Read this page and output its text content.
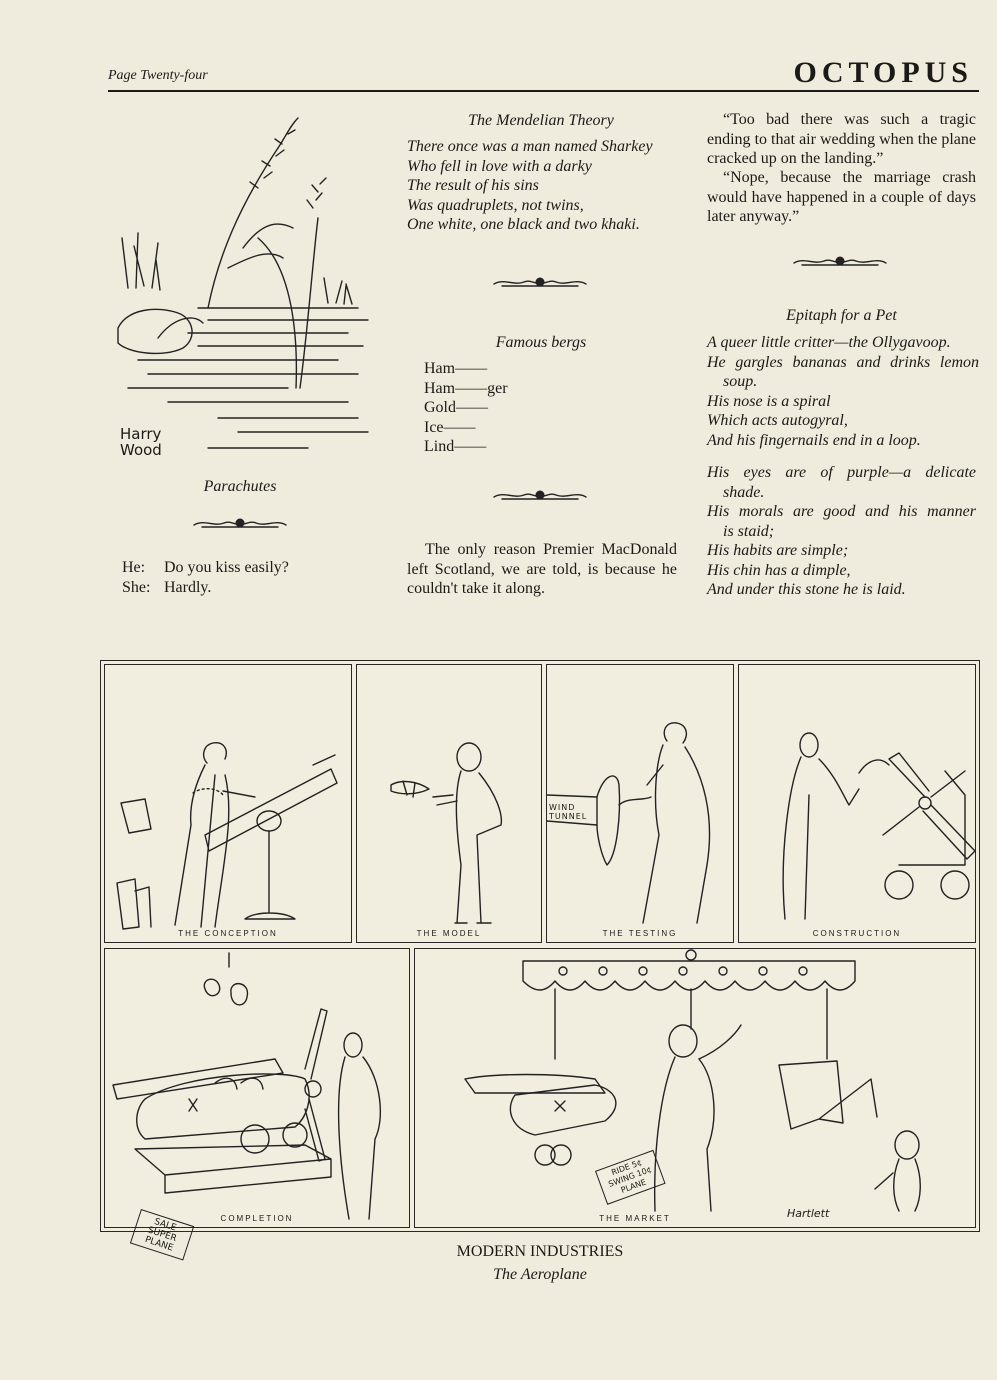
Page Twenty-four	OCTOPUS
Harry Wood
Parachutes
He: Do you kiss easily?
She: Hardly.
The Mendelian Theory
There once was a man named Sharkey
Who fell in love with a darky
The result of his sins
Was quadruplets, not twins,
One white, one black and two khaki.
Famous bergs
Ham——
Ham——ger
Gold——
Ice——
Lind——
The only reason Premier MacDonald left Scotland, we are told, is because he couldn't take it along.
“Too bad there was such a tragic ending to that air wedding when the plane cracked up on the landing.”
“Nope, because the marriage crash would have happened in a couple of days later anyway.”
Epitaph for a Pet
A queer little critter—the Ollygavoop.
He gargles bananas and drinks lemon
soup.
His nose is a spiral
Which acts autogyral,
And his fingernails end in a loop.
His eyes are of purple—a delicate
shade.
His morals are good and his manner
is staid;
His habits are simple;
His chin has a dimple,
And under this stone he is laid.
THE CONCEPTION	THE MODEL
WIND TUNNEL
THE TESTING	CONSTRUCTION
SALE SUPER PLANE
COMPLETION
RIDE 5¢ SWING 10¢ PLANE
Hartlett
THE MARKET
MODERN INDUSTRIES
The Aeroplane
